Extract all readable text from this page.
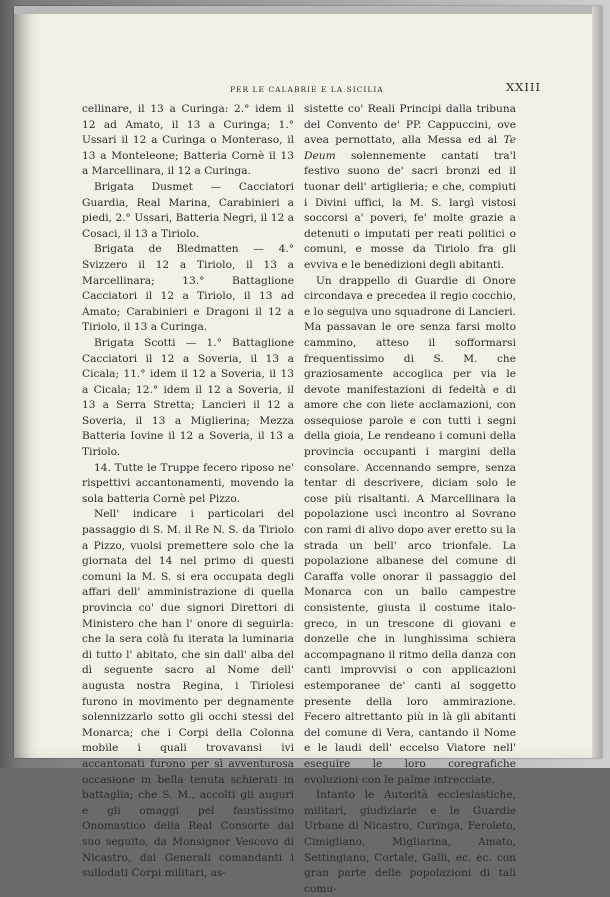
PER LE CALABRIE E LA SICILIA	XXIII

cellinare, il 13 a Curinga: 2.° idem il 12 ad Amato, il 13 a Curinga; 1.° Ussari il 12 a Curinga o Monteraso, il 13 a Monteleone; Batteria Cornè il 13 a Marcellinara, il 12 a Curinga.

Brigata Dusmet — Cacciatori Guardia, Real Marina, Carabinieri a piedi, 2.° Ussari, Batteria Negri, il 12 a Cosaci, il 13 a Tiriolo.

Brigata de Bledmatten — 4.° Svizzero il 12 a Tiriolo, il 13 a Marcellinara; 13.° Battaglione Cacciatori il 12 a Tiriolo, il 13 ad Amato; Carabinieri e Dragoni il 12 a Tiriolo, il 13 a Curinga.

Brigata Scotti — 1.° Battaglione Cacciatori il 12 a Soveria, il 13 a Cicala; 11.° idem il 12 a Soveria, il 13 a Cicala; 12.° idem il 12 a Soveria, il 13 a Serra Stretta; Lancieri il 12 a Soveria, il 13 a Miglierina; Mezza Batteria Iovine il 12 a Soveria, il 13 a Tiriolo.

14. Tutte le Truppe fecero riposo ne' rispettivi accantonamenti, movendo la sola batteria Cornè pel Pizzo.

Nell' indicare i particolari del passaggio di S. M. il Re N. S. da Tiriolo a Pizzo, vuolsi premettere solo che la giornata del 14 nel primo di questi comuni la M. S. si era occupata degli affari dell' amministrazione di quella provincia co' due signori Direttori di Ministero che han l' onore di seguirla: che la sera colà fu iterata la luminaria di tutto l' abitato, che sin dall' alba del dì seguente sacro al Nome dell' augusta nostra Regina, i Tiriolesi furono in movimento per degnamente solennizzarlo sotto gli occhi stessi del Monarca; che i Corpi della Colonna mobile i quali trovavansi ivi accantonati furono per sì avventurosa occasione in bella tenuta schierati in battaglia; che S. M., accolti gli auguri e gli omaggi pel faustissimo Onomastico della Real Consorte dal suo seguito, da Monsignor Vescovo di Nicastro, dai Generali comandanti i sullodati Corpi militari, as-

sistette co' Reali Principi dalla tribuna del Convento de' PP. Cappuccini, ove avea pernottato, alla Messa ed al Te Deum solennemente cantati tra'l festivo suono de' sacri bronzi ed il tuonar dell' artiglieria; e che, compiuti i Divini uffici, la M. S. largì vistosi soccorsi a' poveri, fe' molte grazie a detenuti o imputati per reati politici o comuni, e mosse da Tiriolo fra gli evviva e le benedizioni degli abitanti.

Un drappello di Guardie di Onore circondava e precedea il regio cocchio, e lo seguiva uno squadrone di Lancieri. Ma passavan le ore senza farsi molto cammino, atteso il sofformarsi frequentissimo di S. M. che graziosamente accoglica per via le devote manifestazioni di fedeltà e di amore che con liete acclamazioni, con ossequiose parole e con tutti i segni della gioia, Le rendeano i comuni della provincia occupanti i margini della consolare. Accennando sempre, senza tentar di descrivere, diciam solo le cose più risaltanti. A Marcellinara la popolazione uscì incontro al Sovrano con rami di alivo dopo aver eretto su la strada un bell' arco trionfale. La popolazione albanese del comune di Caraffa volle onorar il passaggio del Monarca con un ballo campestre consistente, giusta il costume italo-greco, in un trescone di giovani e donzelle che in lunghissima schiera accompagnano il ritmo della danza con canti improvvisi o con applicazioni estemporanee de' canti al soggetto presente della loro ammirazione. Fecero altrettanto più in là gli abitanti del comune di Vera, cantando il Nome e le laudi dell' eccelso Viatore nell' eseguire le loro coregrafiche evoluzioni con le palme intrecciate.

Intanto le Autorità ecclesiastiche, militari, giudiziarie e le Guardie Urbane di Nicastro, Curinga, Feroleto, Cimigliano, Migliarina, Amato, Settingiano, Cortale, Galli, ec. ec. con gran parte delle popolazioni di tali comu-
